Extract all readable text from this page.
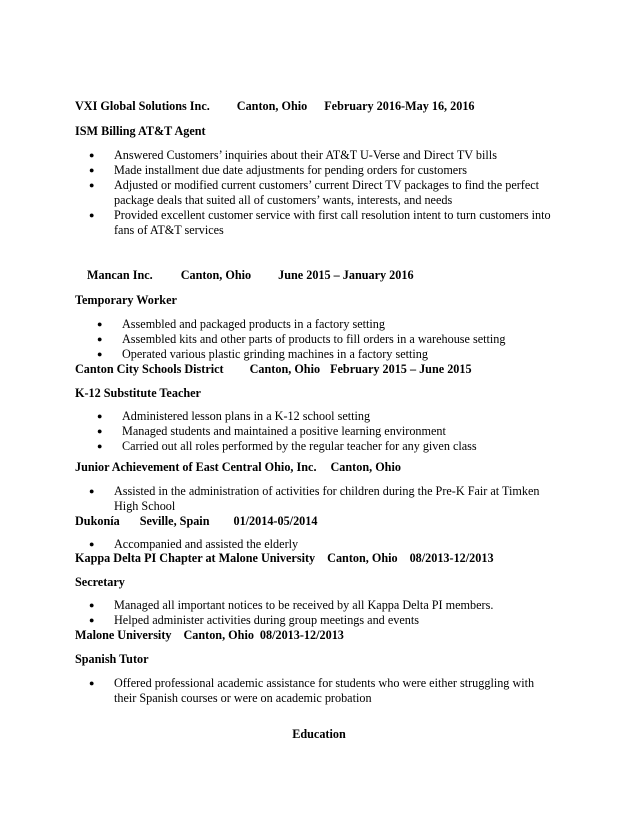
VXI Global Solutions Inc. Canton, Ohio February 2016-May 16, 2016
ISM Billing AT&T Agent
● Answered Customers’ inquiries about their AT&T U-Verse and Direct TV bills
● Made installment due date adjustments for pending orders for customers
● Adjusted or modified current customers’ current Direct TV packages to find the perfect package deals that suited all of customers’ wants, interests, and needs
● Provided excellent customer service with first call resolution intent to turn customers into fans of AT&T services
Mancan Inc. Canton, Ohio June 2015 – January 2016
Temporary Worker
● Assembled and packaged products in a factory setting
● Assembled kits and other parts of products to fill orders in a warehouse setting
● Operated various plastic grinding machines in a factory setting
Canton City Schools District Canton, Ohio February 2015 – June 2015
K-12 Substitute Teacher
● Administered lesson plans in a K-12 school setting
● Managed students and maintained a positive learning environment
● Carried out all roles performed by the regular teacher for any given class
Junior Achievement of East Central Ohio, Inc. Canton, Ohio
● Assisted in the administration of activities for children during the Pre-K Fair at Timken High School
Dukonía Seville, Spain 01/2014-05/2014
● Accompanied and assisted the elderly
Kappa Delta PI Chapter at Malone University Canton, Ohio 08/2013-12/2013
Secretary
● Managed all important notices to be received by all Kappa Delta PI members.
● Helped administer activities during group meetings and events
Malone University Canton, Ohio 08/2013-12/2013
Spanish Tutor
● Offered professional academic assistance for students who were either struggling with their Spanish courses or were on academic probation
Education
